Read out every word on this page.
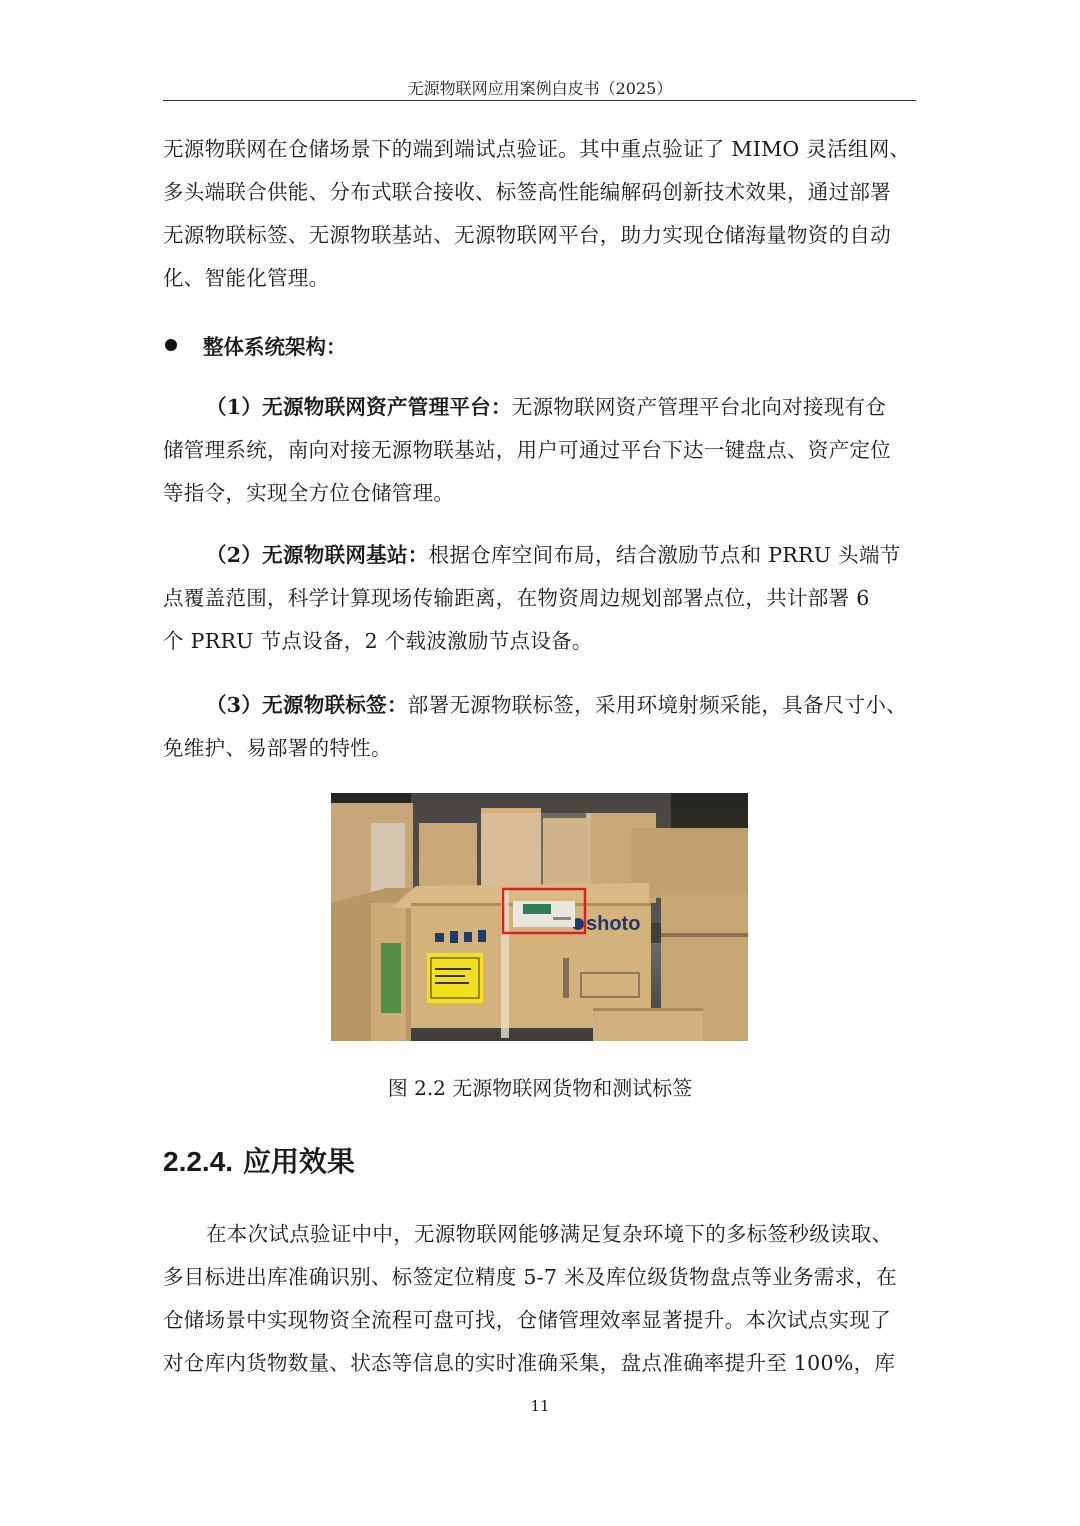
无源物联网应用案例白皮书（2025）

无源物联网在仓储场景下的端到端试点验证。其中重点验证了 MIMO 灵活组网、
多头端联合供能、分布式联合接收、标签高性能编解码创新技术效果，通过部署
无源物联标签、无源物联基站、无源物联网平台，助力实现仓储海量物资的自动
化、智能化管理。

整体系统架构：

（1）无源物联网资产管理平台：无源物联网资产管理平台北向对接现有仓
储管理系统，南向对接无源物联基站，用户可通过平台下达一键盘点、资产定位
等指令，实现全方位仓储管理。

（2）无源物联网基站：根据仓库空间布局，结合激励节点和 PRRU 头端节
点覆盖范围，科学计算现场传输距离，在物资周边规划部署点位，共计部署 6
个 PRRU 节点设备，2 个载波激励节点设备。

（3）无源物联标签：部署无源物联标签，采用环境射频采能，具备尺寸小、
免维护、易部署的特性。

shoto
图 2.2 无源物联网货物和测试标签
2.2.4. 应用效果

在本次试点验证中中，无源物联网能够满足复杂环境下的多标签秒级读取、
多目标进出库准确识别、标签定位精度 5-7 米及库位级货物盘点等业务需求，在
仓储场景中实现物资全流程可盘可找，仓储管理效率显著提升。本次试点实现了
对仓库内货物数量、状态等信息的实时准确采集，盘点准确率提升至 100%，库

11
